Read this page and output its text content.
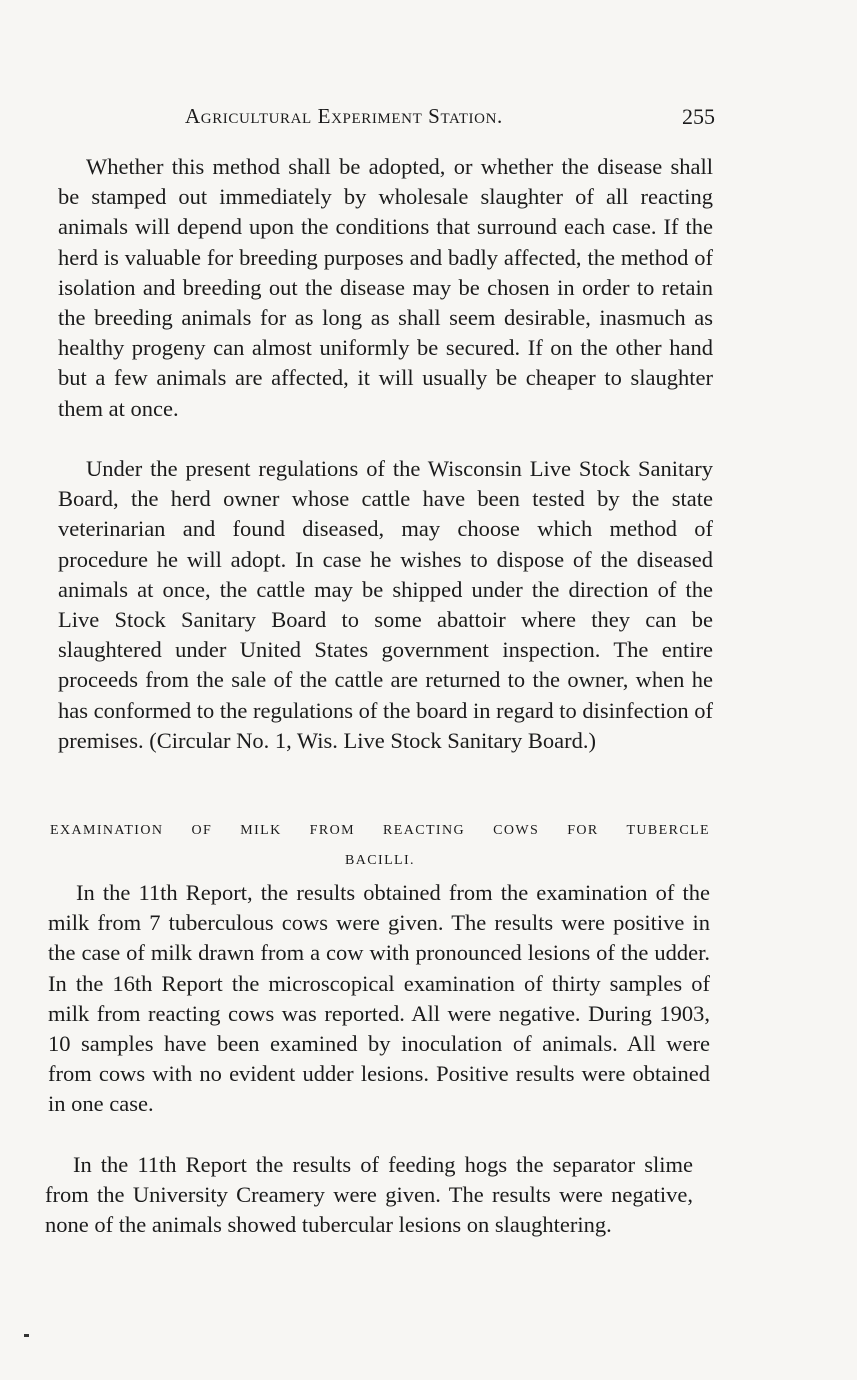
Agricultural Experiment Station.	255

Whether this method shall be adopted, or whether the disease shall be stamped out immediately by wholesale slaughter of all reacting animals will depend upon the conditions that surround each case. If the herd is valuable for breeding purposes and badly affected, the method of isolation and breeding out the disease may be chosen in order to retain the breeding animals for as long as shall seem desirable, inasmuch as healthy progeny can almost uniformly be secured. If on the other hand but a few animals are affected, it will usually be cheaper to slaughter them at once.

Under the present regulations of the Wisconsin Live Stock Sanitary Board, the herd owner whose cattle have been tested by the state veterinarian and found diseased, may choose which method of procedure he will adopt. In case he wishes to dispose of the diseased animals at once, the cattle may be shipped under the direction of the Live Stock Sanitary Board to some abattoir where they can be slaughtered under United States government inspection. The entire proceeds from the sale of the cattle are returned to the owner, when he has conformed to the regulations of the board in regard to disinfection of premises. (Circular No. 1, Wis. Live Stock Sanitary Board.)

EXAMINATION OF MILK FROM REACTING COWS FOR TUBERCLE
BACILLI.

In the 11th Report, the results obtained from the examination of the milk from 7 tuberculous cows were given. The results were positive in the case of milk drawn from a cow with pronounced lesions of the udder. In the 16th Report the microscopical examination of thirty samples of milk from reacting cows was reported. All were negative. During 1903, 10 samples have been examined by inoculation of animals. All were from cows with no evident udder lesions. Positive results were obtained in one case.

In the 11th Report the results of feeding hogs the separator slime from the University Creamery were given. The results were negative, none of the animals showed tubercular lesions on slaughtering.
